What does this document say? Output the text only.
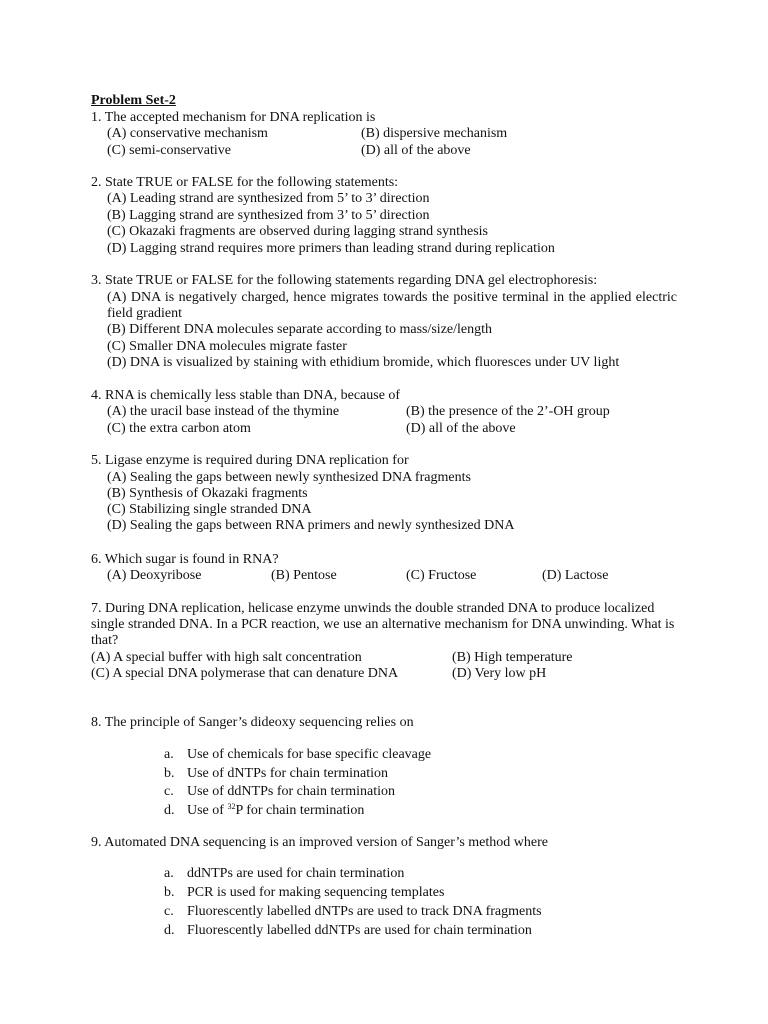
Problem Set-2
1. The accepted mechanism for DNA replication is
(A) conservative mechanism	(B) dispersive mechanism
(C) semi-conservative	(D) all of the above
2. State TRUE or FALSE for the following statements:
(A) Leading strand are synthesized from 5’ to 3’ direction
(B) Lagging strand are synthesized from 3’ to 5’ direction
(C) Okazaki fragments are observed during lagging strand synthesis
(D) Lagging strand requires more primers than leading strand during replication
3. State TRUE or FALSE for the following statements regarding DNA gel electrophoresis:
(A) DNA is negatively charged, hence migrates towards the positive terminal in the applied electric
field gradient
(B) Different DNA molecules separate according to mass/size/length
(C) Smaller DNA molecules migrate faster
(D) DNA is visualized by staining with ethidium bromide, which fluoresces under UV light
4. RNA is chemically less stable than DNA, because of
(A) the uracil base instead of the thymine	(B) the presence of the 2’-OH group
(C) the extra carbon atom	(D) all of the above
5. Ligase enzyme is required during DNA replication for
(A) Sealing the gaps between newly synthesized DNA fragments
(B) Synthesis of Okazaki fragments
(C) Stabilizing single stranded DNA
(D) Sealing the gaps between RNA primers and newly synthesized DNA
6. Which sugar is found in RNA?
(A) Deoxyribose	(B) Pentose	(C) Fructose	(D) Lactose
7. During DNA replication, helicase enzyme unwinds the double stranded DNA to produce localized
single stranded DNA. In a PCR reaction, we use an alternative mechanism for DNA unwinding. What is
that?
(A) A special buffer with high salt concentration	(B) High temperature
(C) A special DNA polymerase that can denature DNA	(D) Very low pH
8. The principle of Sanger’s dideoxy sequencing relies on
a. Use of chemicals for base specific cleavage
b. Use of dNTPs for chain termination
c. Use of ddNTPs for chain termination
d. Use of $^{32}$P for chain termination
9. Automated DNA sequencing is an improved version of Sanger’s method where
a. ddNTPs are used for chain termination
b. PCR is used for making sequencing templates
c. Fluorescently labelled dNTPs are used to track DNA fragments
d. Fluorescently labelled ddNTPs are used for chain termination
